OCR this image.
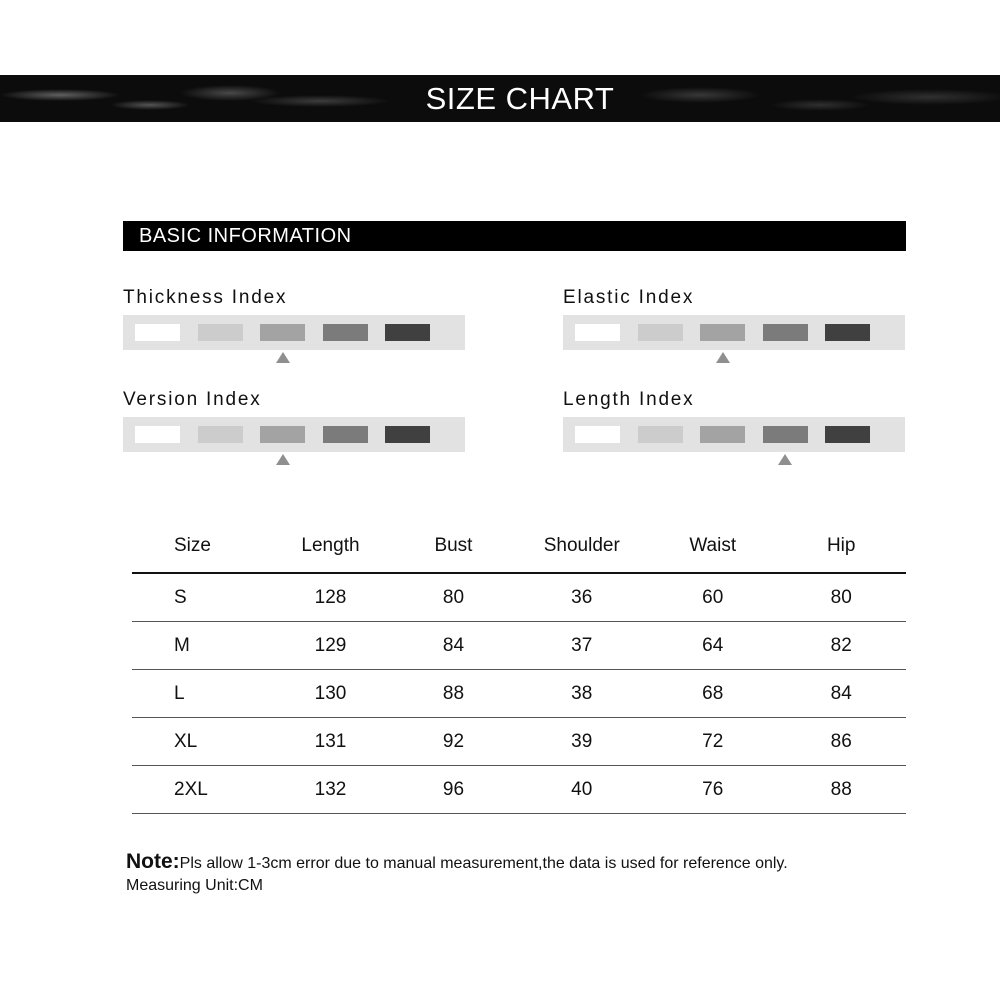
SIZE CHART
BASIC INFORMATION
Thickness Index	Elastic Index
Version Index	Length Index
Size	Length	Bust	Shoulder	Waist	Hip
S	128	80	36	60	80
M	129	84	37	64	82
L	130	88	38	68	84
XL	131	92	39	72	86
2XL	132	96	40	76	88
Note:Pls allow 1-3cm error due to manual measurement,the data is used for reference only.
Measuring Unit:CM
